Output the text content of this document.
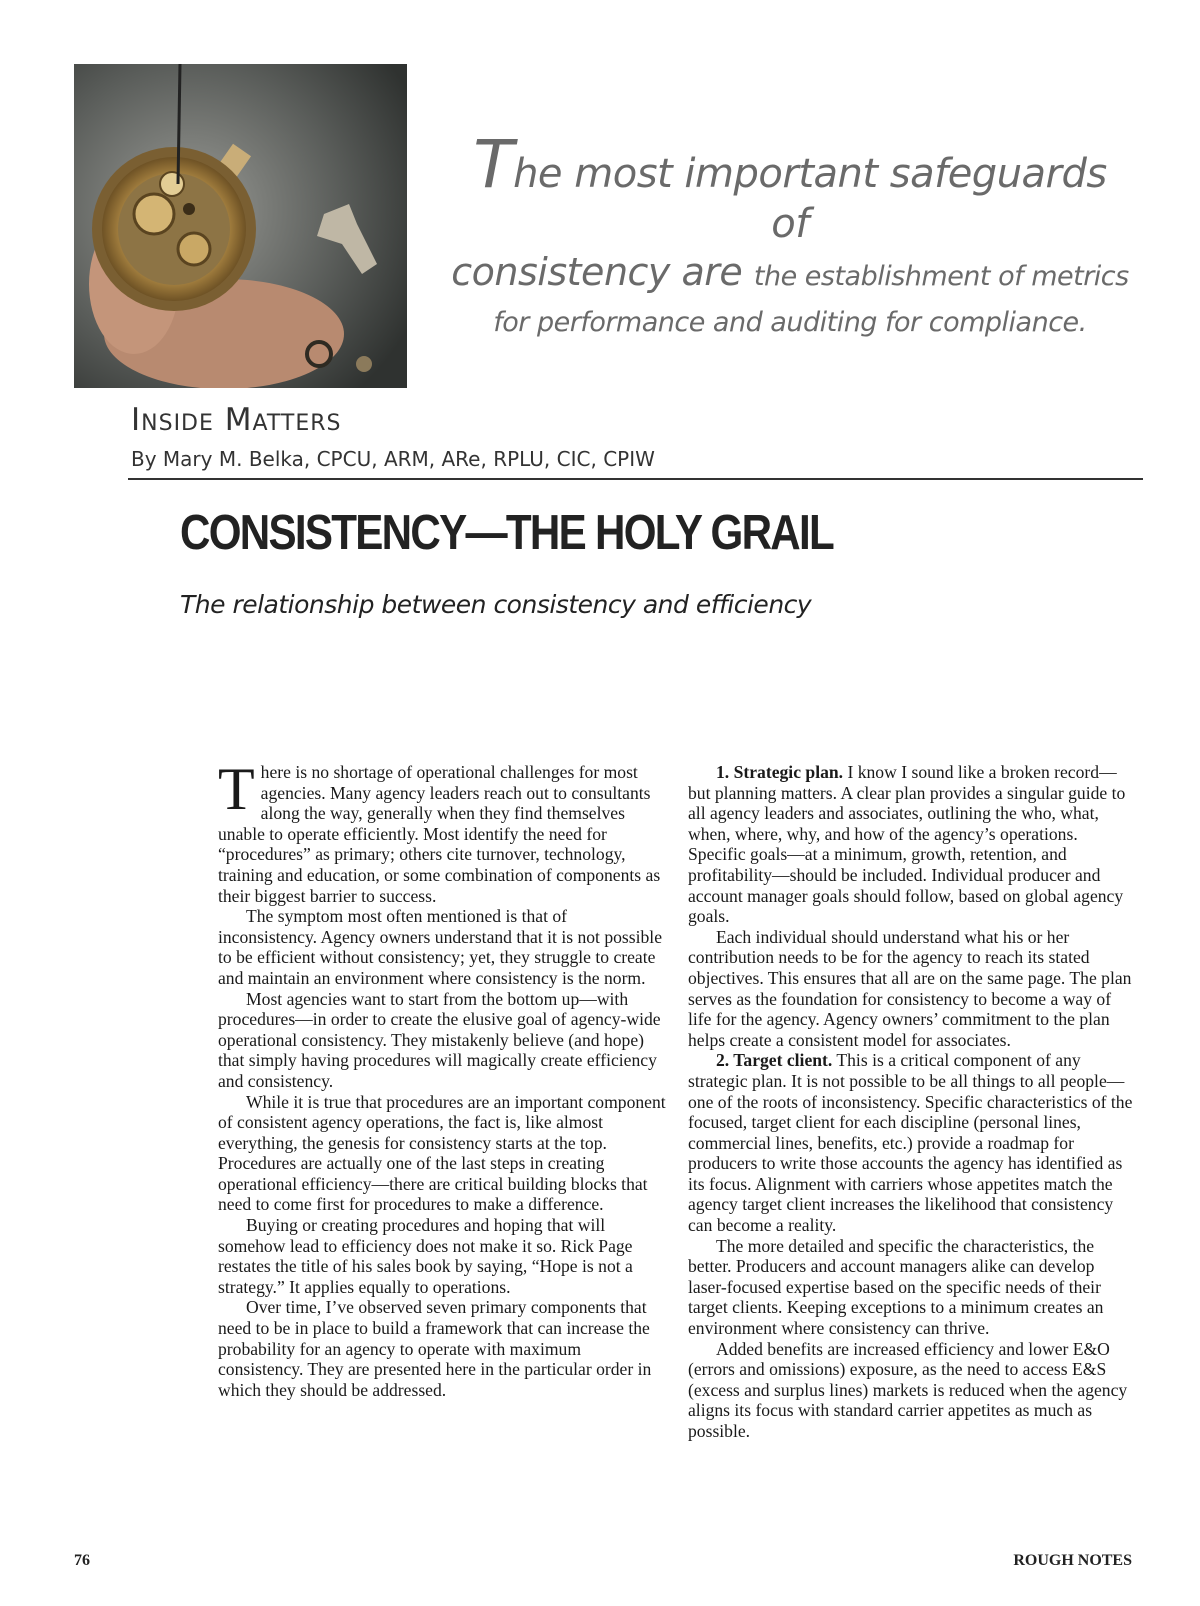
The most important safeguards of
consistency are the establishment of metrics
for performance and auditing for compliance.
Inside Matters
By Mary M. Belka, CPCU, ARM, ARe, RPLU, CIC, CPIW
CONSISTENCY—THE HOLY GRAIL

The relationship between consistency and efficiency

There is no shortage of operational challenges for most agencies. Many agency leaders reach out to consultants along the way, generally when they find themselves unable to operate efficiently. Most identify the need for “procedures” as primary; others cite turnover, technology, training and education, or some combination of components as their biggest barrier to success.

The symptom most often mentioned is that of inconsistency. Agency owners understand that it is not possible to be efficient without consistency; yet, they struggle to create and maintain an environment where consistency is the norm.

Most agencies want to start from the bottom up—with procedures—in order to create the elusive goal of agency-wide operational consistency. They mistakenly believe (and hope) that simply having procedures will magically create efficiency and consistency.

While it is true that procedures are an important component of consistent agency operations, the fact is, like almost everything, the genesis for consistency starts at the top. Procedures are actually one of the last steps in creating operational efficiency—there are critical building blocks that need to come first for procedures to make a difference.

Buying or creating procedures and hoping that will somehow lead to efficiency does not make it so. Rick Page restates the title of his sales book by saying, “Hope is not a strategy.” It applies equally to operations.

Over time, I’ve observed seven primary components that need to be in place to build a framework that can increase the probability for an agency to operate with maximum consistency. They are presented here in the particular order in which they should be addressed.

1. Strategic plan. I know I sound like a broken record—but planning matters. A clear plan provides a singular guide to all agency leaders and associates, outlining the who, what, when, where, why, and how of the agency’s operations. Specific goals—at a minimum, growth, retention, and profitability—should be included. Individual producer and account manager goals should follow, based on global agency goals.

Each individual should understand what his or her contribution needs to be for the agency to reach its stated objectives. This ensures that all are on the same page. The plan serves as the foundation for consistency to become a way of life for the agency. Agency owners’ commitment to the plan helps create a consistent model for associates.

2. Target client. This is a critical component of any strategic plan. It is not possible to be all things to all people—one of the roots of inconsistency. Specific characteristics of the focused, target client for each discipline (personal lines, commercial lines, benefits, etc.) provide a roadmap for producers to write those accounts the agency has identified as its focus. Alignment with carriers whose appetites match the agency target client increases the likelihood that consistency can become a reality.

The more detailed and specific the characteristics, the better. Producers and account managers alike can develop laser-focused expertise based on the specific needs of their target clients. Keeping exceptions to a minimum creates an environment where consistency can thrive.

Added benefits are increased efficiency and lower E&O (errors and omissions) exposure, as the need to access E&S (excess and surplus lines) markets is reduced when the agency aligns its focus with standard carrier appetites as much as possible.

76	ROUGH NOTES
